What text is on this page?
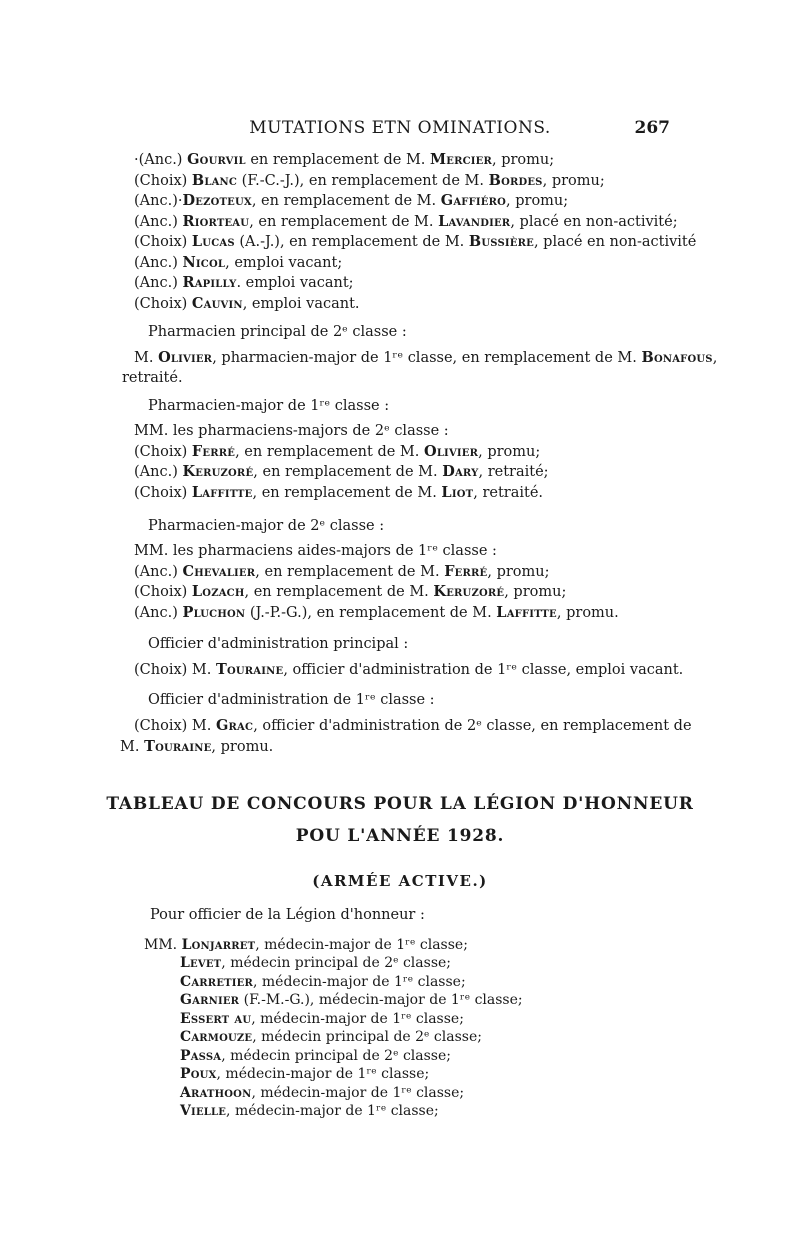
MUTATIONS ETN OMINATIONS.	267
·(Anc.) Gourvil en remplacement de M. Mercier, promu;
(Choix) Blanc (F.-C.-J.), en remplacement de M. Bordes, promu;
(Anc.)·Dezoteux, en remplacement de M. Gaffiéro, promu;
(Anc.) Riorteau, en remplacement de M. Lavandier, placé en non-activité;
(Choix) Lucas (A.-J.), en remplacement de M. Bussière, placé en non-activité
(Anc.) Nicol, emploi vacant;
(Anc.) Rapilly. emploi vacant;
(Choix) Cauvin, emploi vacant.
Pharmacien principal de 2ᵉ classe :
M. Olivier, pharmacien-major de 1ʳᵉ classe, en remplacement de M. Bonafous,
retraité.
Pharmacien-major de 1ʳᵉ classe :
MM. les pharmaciens-majors de 2ᵉ classe :
(Choix) Ferré, en remplacement de M. Olivier, promu;
(Anc.) Keruzoré, en remplacement de M. Dary, retraité;
(Choix) Laffitte, en remplacement de M. Liot, retraité.
Pharmacien-major de 2ᵉ classe :
MM. les pharmaciens aides-majors de 1ʳᵉ classe :
(Anc.) Chevalier, en remplacement de M. Ferré, promu;
(Choix) Lozach, en remplacement de M. Keruzoré, promu;
(Anc.) Pluchon (J.-P.-G.), en remplacement de M. Laffitte, promu.
Officier d'administration principal :
(Choix) M. Touraine, officier d'administration de 1ʳᵉ classe, emploi vacant.
Officier d'administration de 1ʳᵉ classe :
(Choix) M. Grac, officier d'administration de 2ᵉ classe, en remplacement de
M. Touraine, promu.
TABLEAU DE CONCOURS POUR LA LÉGION D'HONNEUR
POU L'ANNÉE 1928.
(ARMÉE ACTIVE.)
Pour officier de la Légion d'honneur :
MM. Lonjarret, médecin-major de 1ʳᵉ classe;
Levet, médecin principal de 2ᵉ classe;
Carretier, médecin-major de 1ʳᵉ classe;
Garnier (F.-M.-G.), médecin-major de 1ʳᵉ classe;
Essert au, médecin-major de 1ʳᵉ classe;
Carmouze, médecin principal de 2ᵉ classe;
Passa, médecin principal de 2ᵉ classe;
Poux, médecin-major de 1ʳᵉ classe;
Arathoon, médecin-major de 1ʳᵉ classe;
Vielle, médecin-major de 1ʳᵉ classe;
